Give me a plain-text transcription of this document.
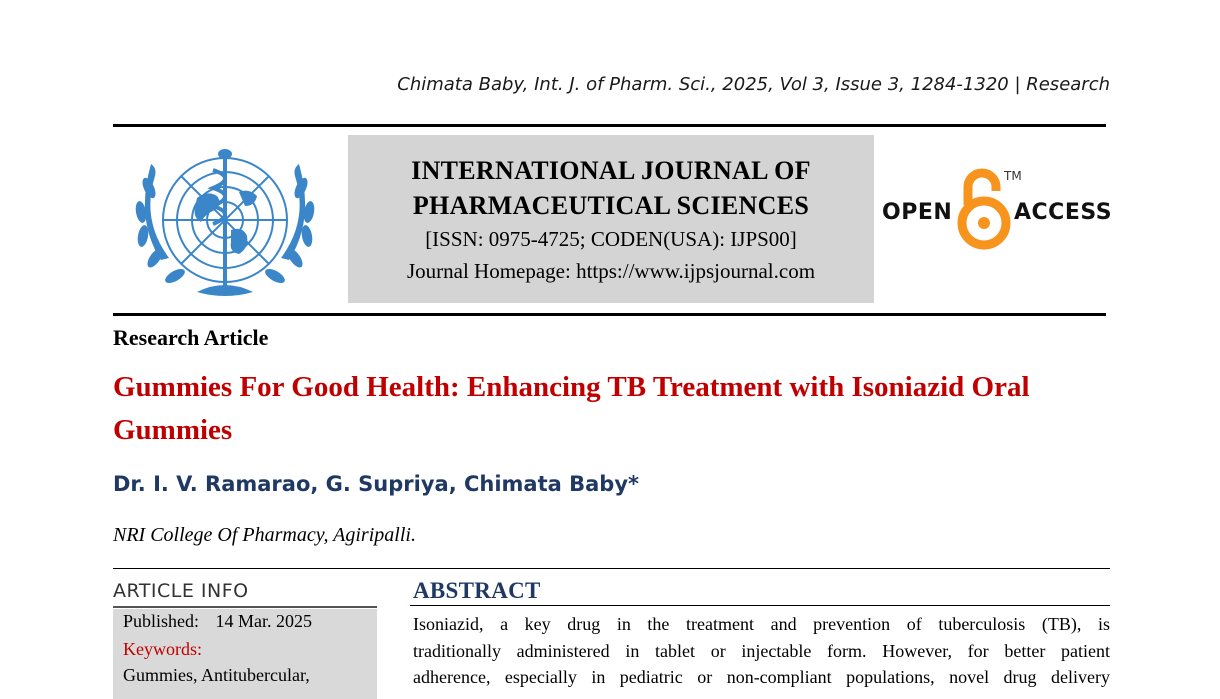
Chimata Baby, Int. J. of Pharm. Sci., 2025, Vol 3, Issue 3, 1284-1320 | Research
INTERNATIONAL JOURNAL OF
PHARMACEUTICAL SCIENCES
[ISSN: 0975-4725; CODEN(USA): IJPS00]
Journal Homepage: https://www.ijpsjournal.com
OPEN
TM
ACCESS
Research Article
Gummies For Good Health: Enhancing TB Treatment with Isoniazid Oral Gummies
Dr. I. V. Ramarao, G. Supriya, Chimata Baby*
NRI College Of Pharmacy, Agiripalli.
ARTICLE INFO
Published: 14 Mar. 2025
Keywords:
Gummies, Antitubercular,
ABSTRACT
Isoniazid, a key drug in the treatment and prevention of tuberculosis (TB), is
traditionally administered in tablet or injectable form. However, for better patient
adherence, especially in pediatric or non-compliant populations, novel drug delivery
